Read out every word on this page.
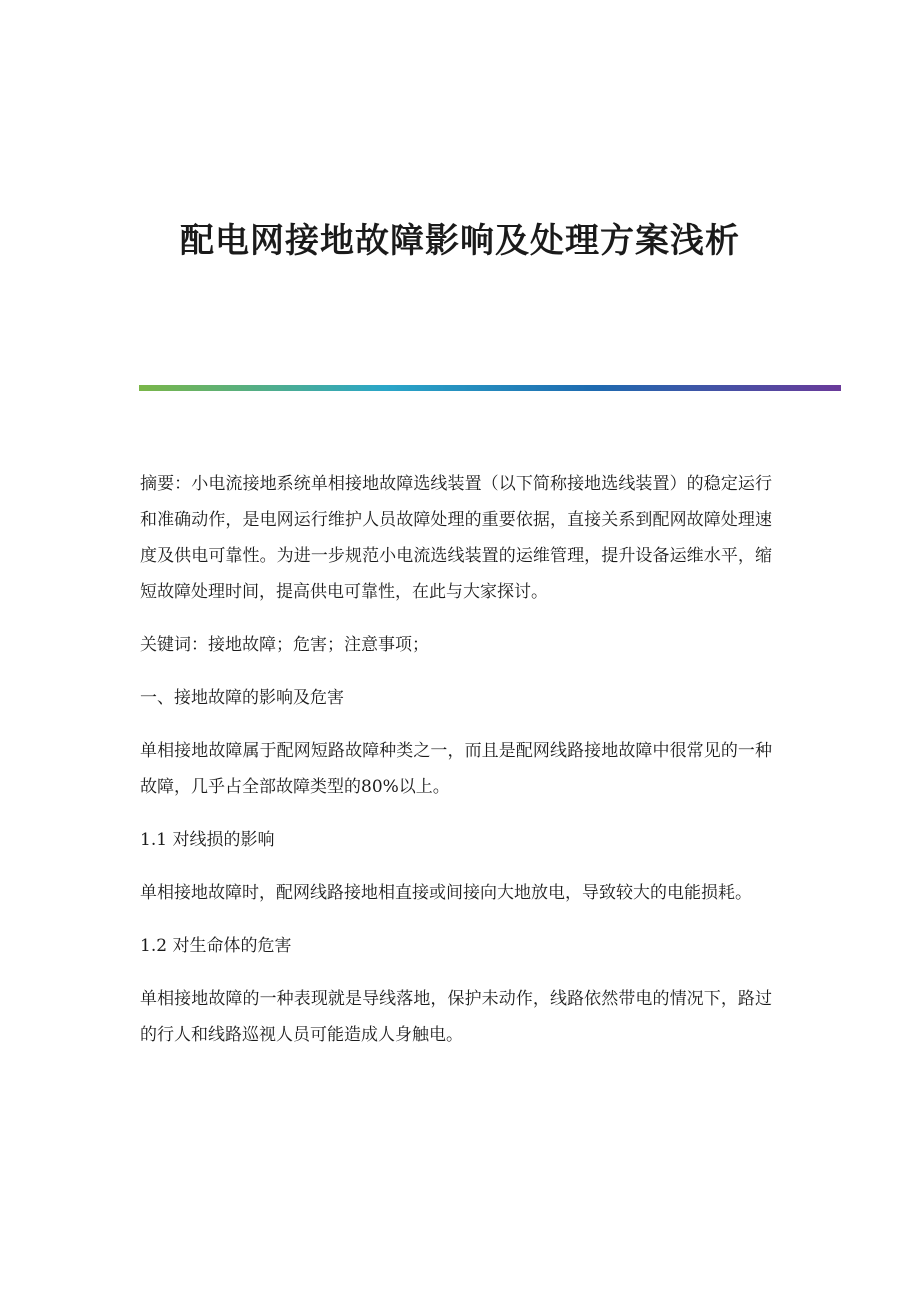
配电网接地故障影响及处理方案浅析

摘要：小电流接地系统单相接地故障选线装置（以下简称接地选线装置）的稳定运行和准确动作，是电网运行维护人员故障处理的重要依据，直接关系到配网故障处理速度及供电可靠性。为进一步规范小电流选线装置的运维管理，提升设备运维水平，缩短故障处理时间，提高供电可靠性，在此与大家探讨。

关键词：接地故障；危害；注意事项；

一、接地故障的影响及危害

单相接地故障属于配网短路故障种类之一，而且是配网线路接地故障中很常见的一种故障，几乎占全部故障类型的80%以上。

1.1 对线损的影响

单相接地故障时，配网线路接地相直接或间接向大地放电，导致较大的电能损耗。

1.2 对生命体的危害

单相接地故障的一种表现就是导线落地，保护未动作，线路依然带电的情况下，路过的行人和线路巡视人员可能造成人身触电。
